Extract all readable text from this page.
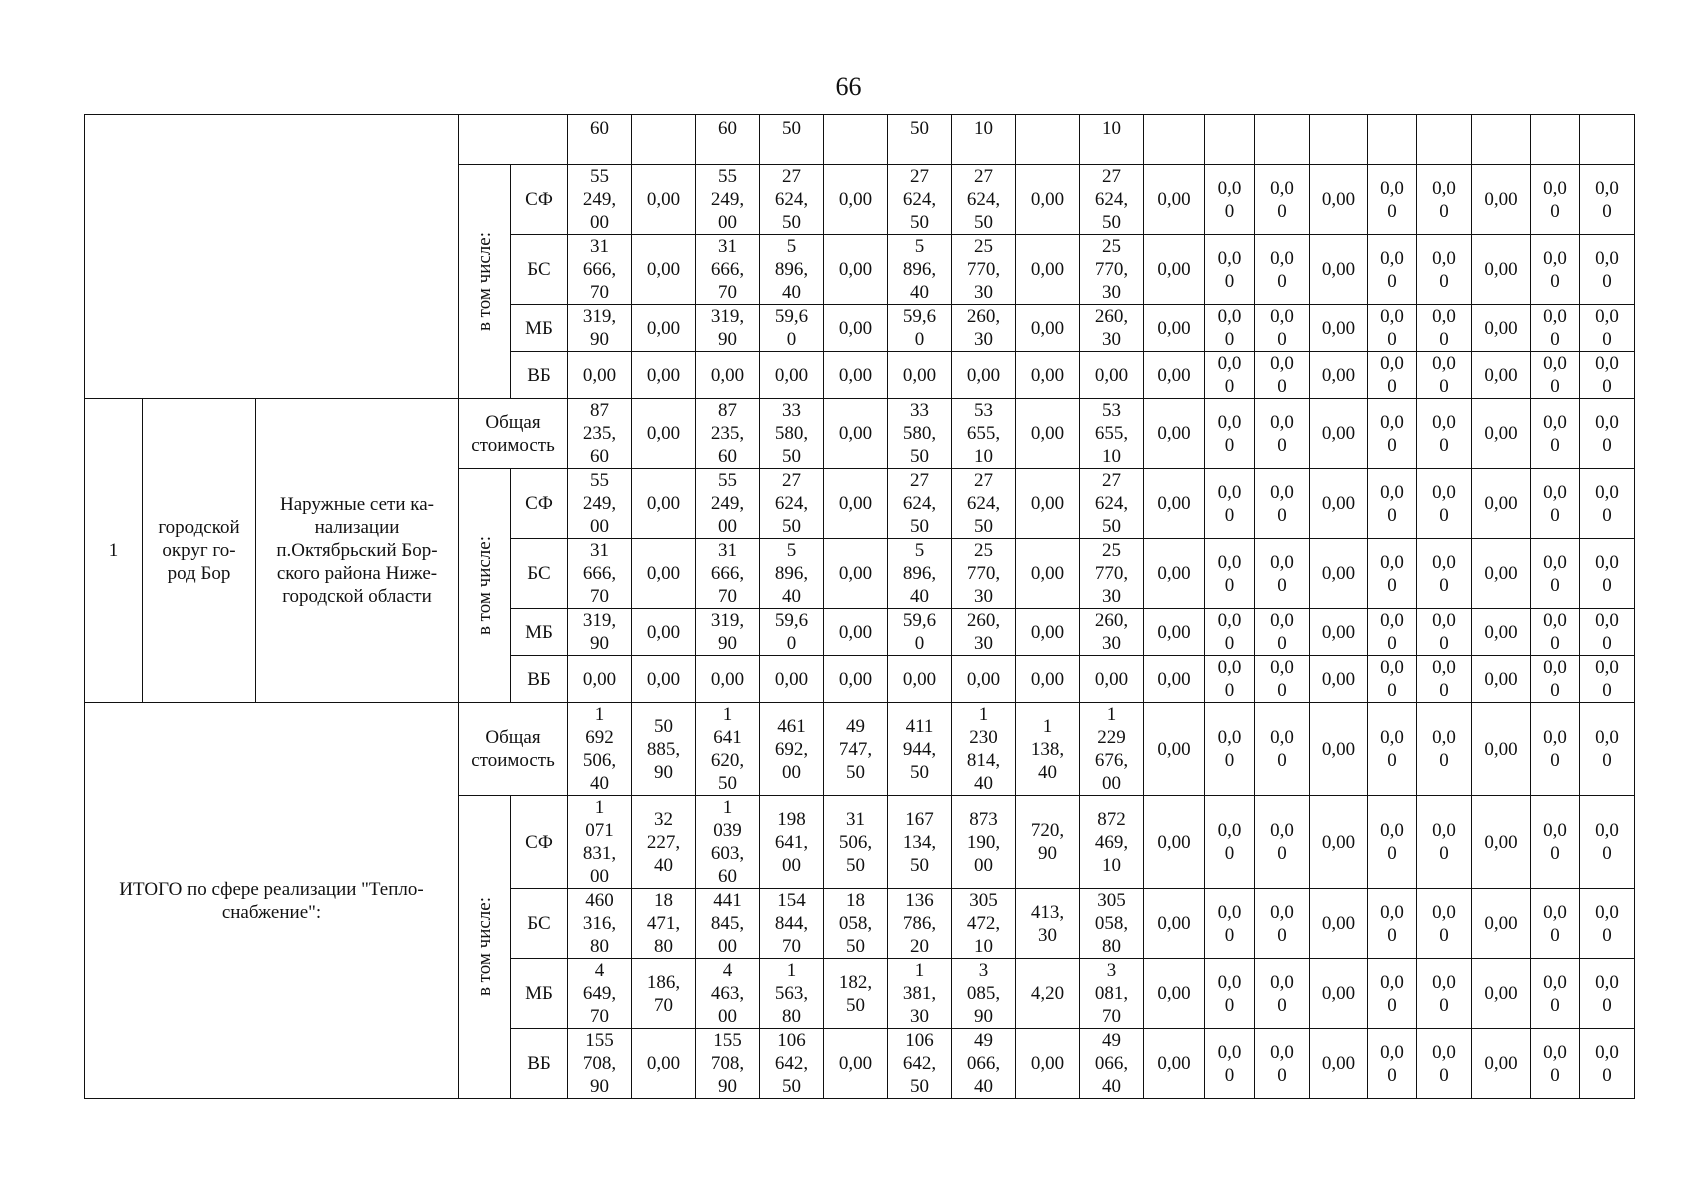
66
					60		60	50		50	10		10									

			в том числе:	СФ	55
249,
00	0,00	55
249,
00	27
624,
50	0,00	27
624,
50	27
624,
50	0,00	27
624,
50	0,00	0,0
0	0,0
0	0,00	0,0
0	0,0
0	0,00	0,0
0	0,0
0
				БС	31
666,
70	0,00	31
666,
70	5
896,
40	0,00	5
896,
40	25
770,
30	0,00	25
770,
30	0,00	0,0
0	0,0
0	0,00	0,0
0	0,0
0	0,00	0,0
0	0,0
0
				МБ	319,
90	0,00	319,
90	59,6
0	0,00	59,6
0	260,
30	0,00	260,
30	0,00	0,0
0	0,0
0	0,00	0,0
0	0,0
0	0,00	0,0
0	0,0
0
				ВБ	0,00	0,00	0,00	0,00	0,00	0,00	0,00	0,00	0,00	0,00	0,0
0	0,0
0	0,00	0,0
0	0,0
0	0,00	0,0
0	0,0
0
1	городской
округ го-
род Бор	Наружные сети ка-
нализации
п.Октябрьский Бор-
ского района Ниже-
городской области	Общая
стоимость		87
235,
60	0,00	87
235,
60	33
580,
50	0,00	33
580,
50	53
655,
10	0,00	53
655,
10	0,00	0,0
0	0,0
0	0,00	0,0
0	0,0
0	0,00	0,0
0	0,0
0

			в том числе:	СФ	55
249,
00	0,00	55
249,
00	27
624,
50	0,00	27
624,
50	27
624,
50	0,00	27
624,
50	0,00	0,0
0	0,0
0	0,00	0,0
0	0,0
0	0,00	0,0
0	0,0
0
				БС	31
666,
70	0,00	31
666,
70	5
896,
40	0,00	5
896,
40	25
770,
30	0,00	25
770,
30	0,00	0,0
0	0,0
0	0,00	0,0
0	0,0
0	0,00	0,0
0	0,0
0
				МБ	319,
90	0,00	319,
90	59,6
0	0,00	59,6
0	260,
30	0,00	260,
30	0,00	0,0
0	0,0
0	0,00	0,0
0	0,0
0	0,00	0,0
0	0,0
0
				ВБ	0,00	0,00	0,00	0,00	0,00	0,00	0,00	0,00	0,00	0,00	0,0
0	0,0
0	0,00	0,0
0	0,0
0	0,00	0,0
0	0,0
0
ИТОГО по сфере реализации "Тепло-
снабжение":			Общая
стоимость		1
692
506,
40	50
885,
90	1
641
620,
50	461
692,
00	49
747,
50	411
944,
50	1
230
814,
40	1
138,
40	1
229
676,
00	0,00	0,0
0	0,0
0	0,00	0,0
0	0,0
0	0,00	0,0
0	0,0
0

			в том числе:	СФ	1
071
831,
00	32
227,
40	1
039
603,
60	198
641,
00	31
506,
50	167
134,
50	873
190,
00	720,
90	872
469,
10	0,00	0,0
0	0,0
0	0,00	0,0
0	0,0
0	0,00	0,0
0	0,0
0
				БС	460
316,
80	18
471,
80	441
845,
00	154
844,
70	18
058,
50	136
786,
20	305
472,
10	413,
30	305
058,
80	0,00	0,0
0	0,0
0	0,00	0,0
0	0,0
0	0,00	0,0
0	0,0
0
				МБ	4
649,
70	186,
70	4
463,
00	1
563,
80	182,
50	1
381,
30	3
085,
90	4,20	3
081,
70	0,00	0,0
0	0,0
0	0,00	0,0
0	0,0
0	0,00	0,0
0	0,0
0
				ВБ	155
708,
90	0,00	155
708,
90	106
642,
50	0,00	106
642,
50	49
066,
40	0,00	49
066,
40	0,00	0,0
0	0,0
0	0,00	0,0
0	0,0
0	0,00	0,0
0	0,0
0
